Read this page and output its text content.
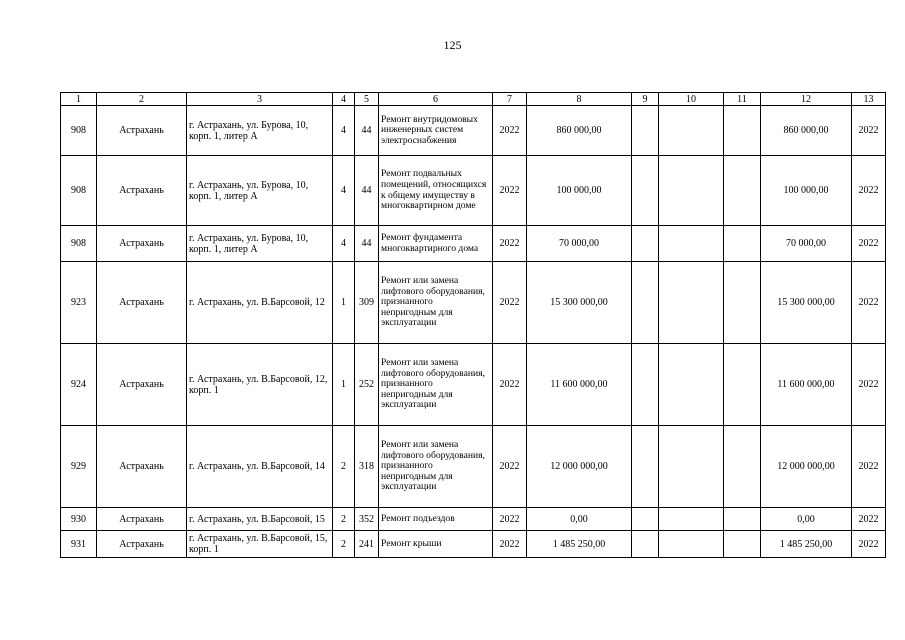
125
1	2	3	4	5	6	7	8	9	10	11	12	13
908	Астрахань	г. Астрахань, ул. Бурова, 10, корп. 1, литер А	4	44	Ремонт внутридомовых инженерных систем электроснабжения	2022	860 000,00				860 000,00	2022
908	Астрахань	г. Астрахань, ул. Бурова, 10, корп. 1, литер А	4	44	Ремонт подвальных помещений, относящихся к общему имуществу в многоквартирном доме	2022	100 000,00				100 000,00	2022
908	Астрахань	г. Астрахань, ул. Бурова, 10, корп. 1, литер А	4	44	Ремонт фундамента многоквартирного дома	2022	70 000,00				70 000,00	2022
923	Астрахань	г. Астрахань, ул. В.Барсовой, 12	1	309	Ремонт или замена лифтового оборудования, признанного непригодным для эксплуатации	2022	15 300 000,00				15 300 000,00	2022
924	Астрахань	г. Астрахань, ул. В.Барсовой, 12, корп. 1	1	252	Ремонт или замена лифтового оборудования, признанного непригодным для эксплуатации	2022	11 600 000,00				11 600 000,00	2022
929	Астрахань	г. Астрахань, ул. В.Барсовой, 14	2	318	Ремонт или замена лифтового оборудования, признанного непригодным для эксплуатации	2022	12 000 000,00				12 000 000,00	2022
930	Астрахань	г. Астрахань, ул. В.Барсовой, 15	2	352	Ремонт подъездов	2022	0,00				0,00	2022
931	Астрахань	г. Астрахань, ул. В.Барсовой, 15, корп. 1	2	241	Ремонт крыши	2022	1 485 250,00				1 485 250,00	2022
